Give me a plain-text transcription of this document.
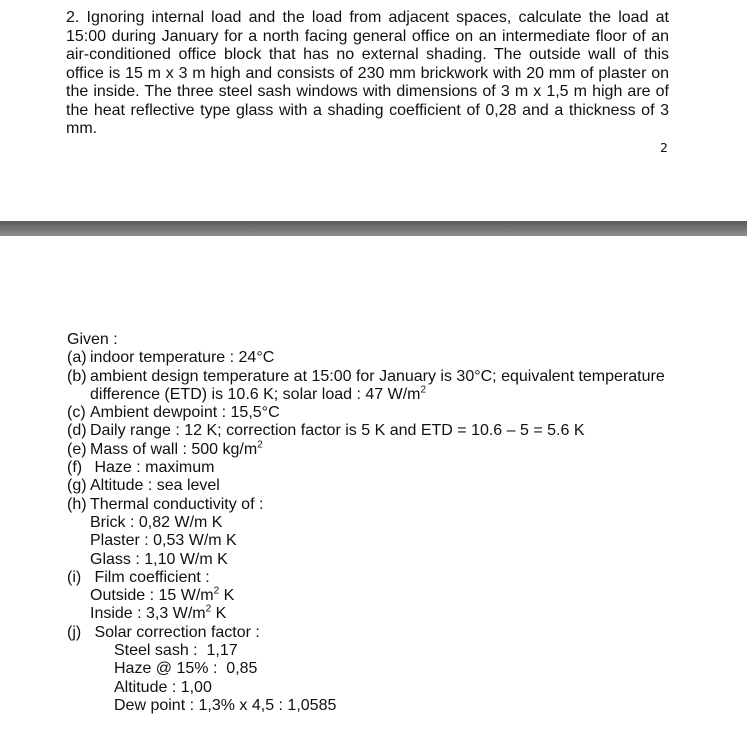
2. Ignoring internal load and the load from adjacent spaces, calculate the load at 15:00 during January for a north facing general office on an intermediate floor of an air-conditioned office block that has no external shading. The outside wall of this office is 15 m x 3 m high and consists of 230 mm brickwork with 20 mm of plaster on the inside. The three steel sash windows with dimensions of 3 m x 1,5 m high are of the heat reflective type glass with a shading coefficient of 0,28 and a thickness of 3 mm.

2

Given :

(a) indoor temperature : 24°C
(b) ambient design temperature at 15:00 for January is 30°C; equivalent temperature
difference (ETD) is 10.6 K; solar load : 47 $W/m^2$
(c) Ambient dewpoint : 15,5°C
(d) Daily range : 12 K; correction factor is 5 K and ETD = 10.6 – 5 = 5.6 K
(e) Mass of wall : 500 $kg/m^2$
(f) Haze : maximum
(g) Altitude : sea level
(h) Thermal conductivity of :
Brick : 0,82 W/m K
Plaster : 0,53 W/m K
Glass : 1,10 W/m K
(i) Film coefficient :
Outside : 15 $W/m^2$ K
Inside : 3,3 $W/m^2$ K
(j) Solar correction factor :
Steel sash :  1,17
Haze @ 15% :  0,85
Altitude : 1,00
Dew point : 1,3% x 4,5 : 1,0585
